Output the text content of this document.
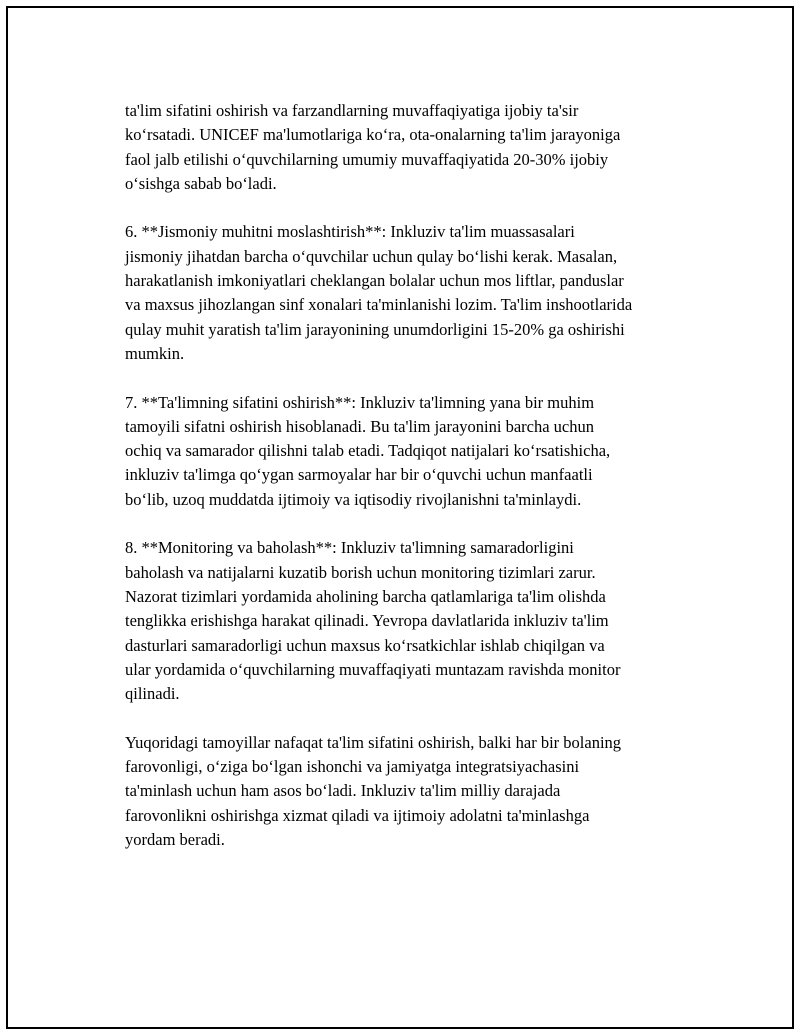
ta'lim sifatini oshirish va farzandlarning muvaffaqiyatiga ijobiy ta'sir
ko‘rsatadi. UNICEF ma'lumotlariga ko‘ra, ota-onalarning ta'lim jarayoniga
faol jalb etilishi o‘quvchilarning umumiy muvaffaqiyatida 20-30% ijobiy
o‘sishga sabab bo‘ladi.

6. **Jismoniy muhitni moslashtirish**: Inkluziv ta'lim muassasalari
jismoniy jihatdan barcha o‘quvchilar uchun qulay bo‘lishi kerak. Masalan,
harakatlanish imkoniyatlari cheklangan bolalar uchun mos liftlar, panduslar
va maxsus jihozlangan sinf xonalari ta'minlanishi lozim. Ta'lim inshootlarida
qulay muhit yaratish ta'lim jarayonining unumdorligini 15-20% ga oshirishi
mumkin.

7. **Ta'limning sifatini oshirish**: Inkluziv ta'limning yana bir muhim
tamoyili sifatni oshirish hisoblanadi. Bu ta'lim jarayonini barcha uchun
ochiq va samarador qilishni talab etadi. Tadqiqot natijalari ko‘rsatishicha,
inkluziv ta'limga qo‘ygan sarmoyalar har bir o‘quvchi uchun manfaatli
bo‘lib, uzoq muddatda ijtimoiy va iqtisodiy rivojlanishni ta'minlaydi.

8. **Monitoring va baholash**: Inkluziv ta'limning samaradorligini
baholash va natijalarni kuzatib borish uchun monitoring tizimlari zarur.
Nazorat tizimlari yordamida aholining barcha qatlamlariga ta'lim olishda
tenglikka erishishga harakat qilinadi. Yevropa davlatlarida inkluziv ta'lim
dasturlari samaradorligi uchun maxsus ko‘rsatkichlar ishlab chiqilgan va
ular yordamida o‘quvchilarning muvaffaqiyati muntazam ravishda monitor
qilinadi.

Yuqoridagi tamoyillar nafaqat ta'lim sifatini oshirish, balki har bir bolaning
farovonligi, o‘ziga bo‘lgan ishonchi va jamiyatga integratsiyachasini
ta'minlash uchun ham asos bo‘ladi. Inkluziv ta'lim milliy darajada
farovonlikni oshirishga xizmat qiladi va ijtimoiy adolatni ta'minlashga
yordam beradi.
